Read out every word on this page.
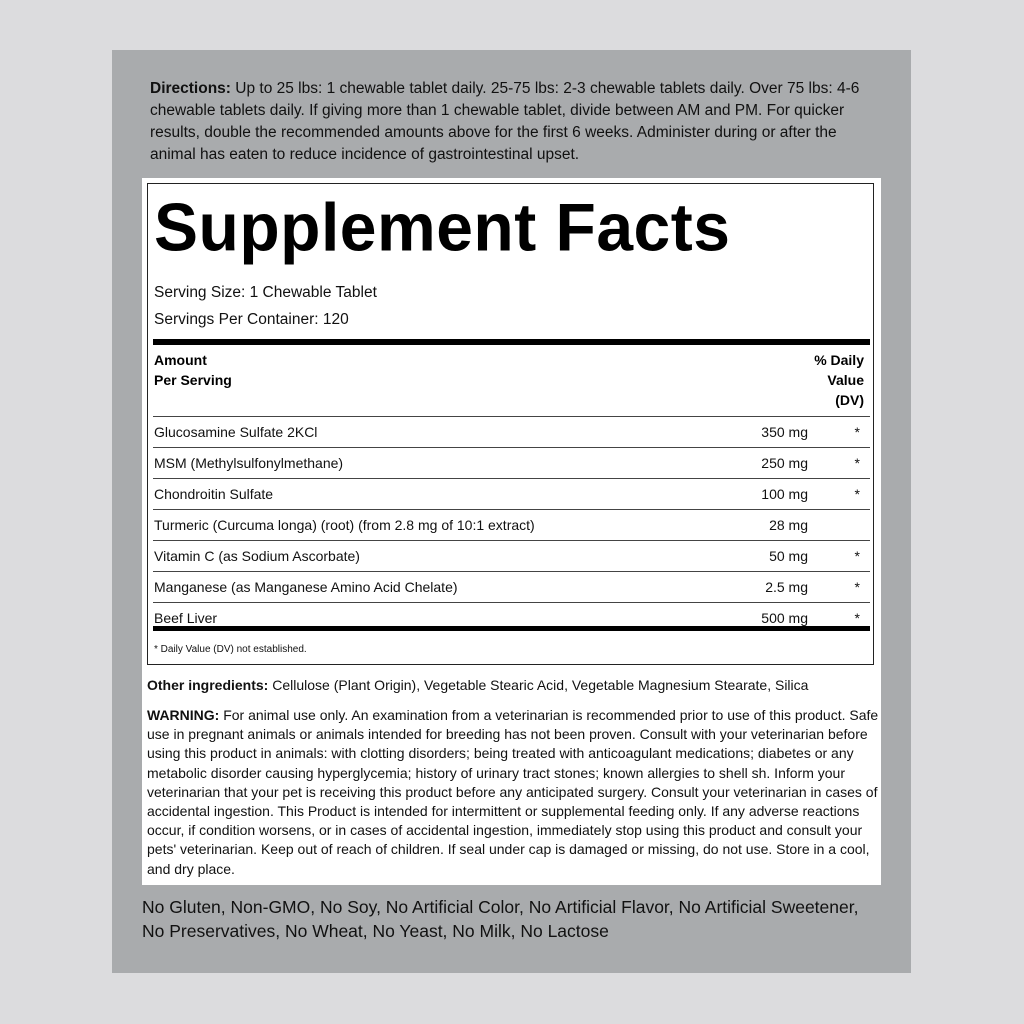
Directions: Up to 25 lbs: 1 chewable tablet daily. 25-75 lbs: 2-3 chewable tablets daily. Over 75 lbs: 4-6 chewable tablets daily. If giving more than 1 chewable tablet, divide between AM and PM. For quicker results, double the recommended amounts above for the first 6 weeks. Administer during or after the animal has eaten to reduce incidence of gastrointestinal upset.
Supplement Facts
Serving Size: 1 Chewable Tablet
Servings Per Container: 120
Amount
Per Serving
% Daily
Value
(DV)
Glucosamine Sulfate 2KCl	350 mg	*
MSM (Methylsulfonylmethane)	250 mg	*
Chondroitin Sulfate	100 mg	*
Turmeric (Curcuma longa) (root) (from 2.8 mg of 10:1 extract)	28 mg
Vitamin C (as Sodium Ascorbate)	50 mg	*
Manganese (as Manganese Amino Acid Chelate)	2.5 mg	*
Beef Liver	500 mg	*
* Daily Value (DV) not established.
Other ingredients: Cellulose (Plant Origin), Vegetable Stearic Acid, Vegetable Magnesium Stearate, Silica
WARNING: For animal use only. An examination from a veterinarian is recommended prior to use of this product. Safe use in pregnant animals or animals intended for breeding has not been proven. Consult with your veterinarian before using this product in animals: with clotting disorders; being treated with anticoagulant medications; diabetes or any metabolic disorder causing hyperglycemia; history of urinary tract stones; known allergies to shell sh. Inform your veterinarian that your pet is receiving this product before any anticipated surgery. Consult your veterinarian in cases of accidental ingestion. This Product is intended for intermittent or supplemental feeding only. If any adverse reactions occur, if condition worsens, or in cases of accidental ingestion, immediately stop using this product and consult your pets' veterinarian. Keep out of reach of children. If seal under cap is damaged or missing, do not use. Store in a cool, and dry place.
No Gluten, Non-GMO, No Soy, No Artificial Color, No Artificial Flavor, No Artificial Sweetener, No Preservatives, No Wheat, No Yeast, No Milk, No Lactose
